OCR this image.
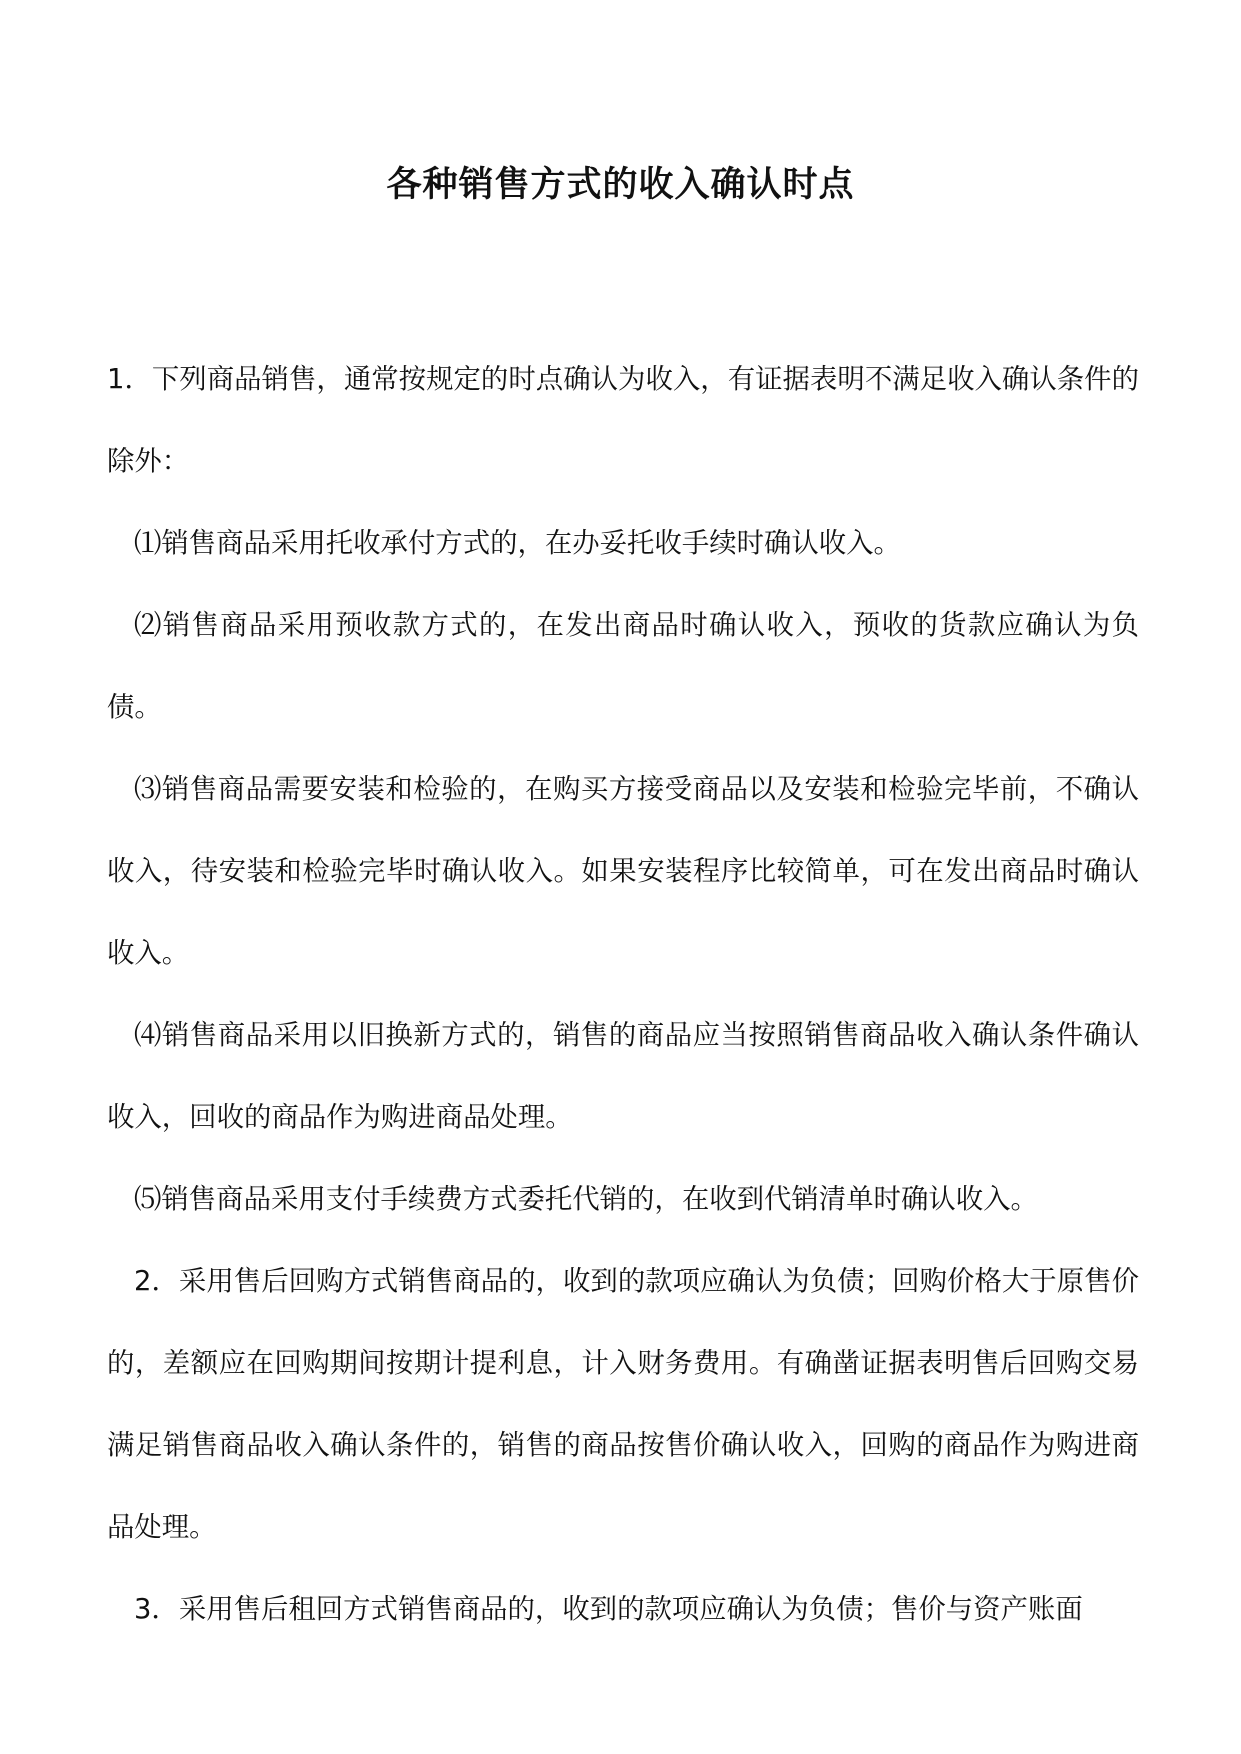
各种销售方式的收入确认时点

1．下列商品销售，通常按规定的时点确认为收入，有证据表明不满足收入确认条件的除外：

⑴销售商品采用托收承付方式的，在办妥托收手续时确认收入。

⑵销售商品采用预收款方式的，在发出商品时确认收入，预收的货款应确认为负债。

⑶销售商品需要安装和检验的，在购买方接受商品以及安装和检验完毕前，不确认收入，待安装和检验完毕时确认收入。如果安装程序比较简单，可在发出商品时确认收入。

⑷销售商品采用以旧换新方式的，销售的商品应当按照销售商品收入确认条件确认收入，回收的商品作为购进商品处理。

⑸销售商品采用支付手续费方式委托代销的，在收到代销清单时确认收入。

2．采用售后回购方式销售商品的，收到的款项应确认为负债；回购价格大于原售价的，差额应在回购期间按期计提利息，计入财务费用。有确凿证据表明售后回购交易满足销售商品收入确认条件的，销售的商品按售价确认收入，回购的商品作为购进商品处理。

3．采用售后租回方式销售商品的，收到的款项应确认为负债；售价与资产账面
